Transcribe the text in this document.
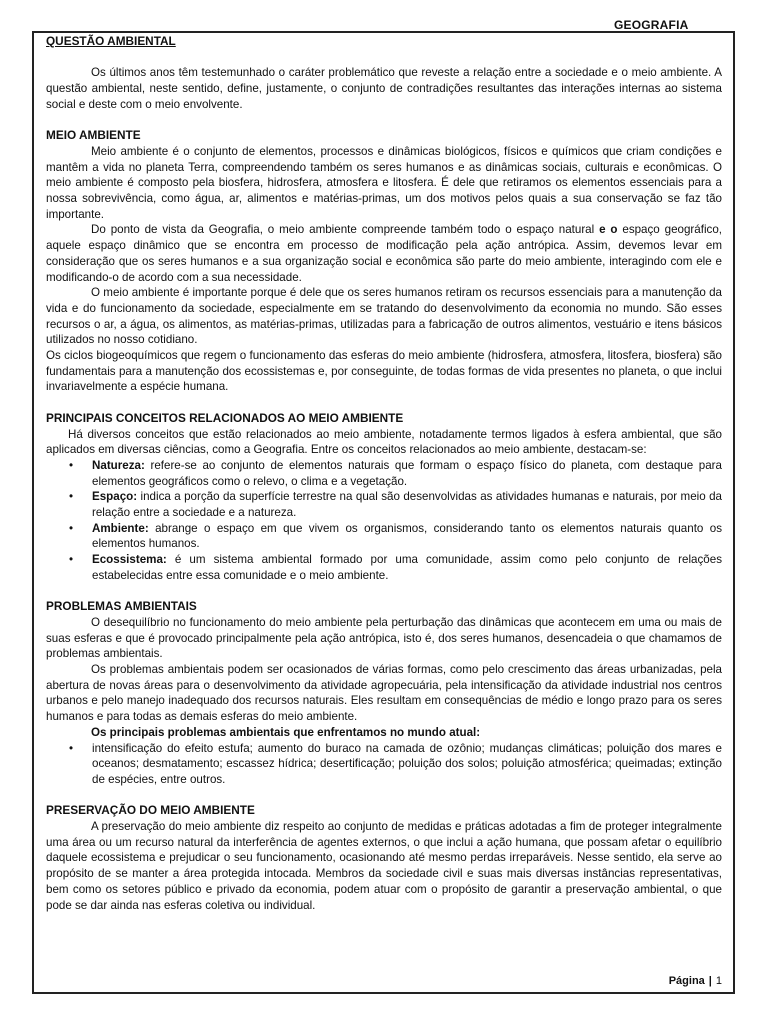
GEOGRAFIA

QUESTÃO AMBIENTAL

Os últimos anos têm testemunhado o caráter problemático que reveste a relação entre a sociedade e o meio ambiente. A questão ambiental, neste sentido, define, justamente, o conjunto de contradições resultantes das interações internas ao sistema social e deste com o meio envolvente.

MEIO AMBIENTE

Meio ambiente é o conjunto de elementos, processos e dinâmicas biológicos, físicos e químicos que criam condições e mantêm a vida no planeta Terra, compreendendo também os seres humanos e as dinâmicas sociais, culturais e econômicas. O meio ambiente é composto pela biosfera, hidrosfera, atmosfera e litosfera. É dele que retiramos os elementos essenciais para a nossa sobrevivência, como água, ar, alimentos e matérias-primas, um dos motivos pelos quais a sua conservação se faz tão importante.

Do ponto de vista da Geografia, o meio ambiente compreende também todo o espaço natural e o espaço geográfico, aquele espaço dinâmico que se encontra em processo de modificação pela ação antrópica. Assim, devemos levar em consideração que os seres humanos e a sua organização social e econômica são parte do meio ambiente, interagindo com ele e modificando-o de acordo com a sua necessidade.

O meio ambiente é importante porque é dele que os seres humanos retiram os recursos essenciais para a manutenção da vida e do funcionamento da sociedade, especialmente em se tratando do desenvolvimento da economia no mundo. São esses recursos o ar, a água, os alimentos, as matérias-primas, utilizadas para a fabricação de outros alimentos, vestuário e itens básicos utilizados no nosso cotidiano.

Os ciclos biogeoquímicos que regem o funcionamento das esferas do meio ambiente (hidrosfera, atmosfera, litosfera, biosfera) são fundamentais para a manutenção dos ecossistemas e, por conseguinte, de todas formas de vida presentes no planeta, o que inclui invariavelmente a espécie humana.

PRINCIPAIS CONCEITOS RELACIONADOS AO MEIO AMBIENTE

Há diversos conceitos que estão relacionados ao meio ambiente, notadamente termos ligados à esfera ambiental, que são aplicados em diversas ciências, como a Geografia. Entre os conceitos relacionados ao meio ambiente, destacam-se:

• Natureza: refere-se ao conjunto de elementos naturais que formam o espaço físico do planeta, com destaque para elementos geográficos como o relevo, o clima e a vegetação.
• Espaço: indica a porção da superfície terrestre na qual são desenvolvidas as atividades humanas e naturais, por meio da relação entre a sociedade e a natureza.
• Ambiente: abrange o espaço em que vivem os organismos, considerando tanto os elementos naturais quanto os elementos humanos.
• Ecossistema: é um sistema ambiental formado por uma comunidade, assim como pelo conjunto de relações estabelecidas entre essa comunidade e o meio ambiente.

PROBLEMAS AMBIENTAIS

O desequilíbrio no funcionamento do meio ambiente pela perturbação das dinâmicas que acontecem em uma ou mais de suas esferas e que é provocado principalmente pela ação antrópica, isto é, dos seres humanos, desencadeia o que chamamos de problemas ambientais.

Os problemas ambientais podem ser ocasionados de várias formas, como pelo crescimento das áreas urbanizadas, pela abertura de novas áreas para o desenvolvimento da atividade agropecuária, pela intensificação da atividade industrial nos centros urbanos e pelo manejo inadequado dos recursos naturais. Eles resultam em consequências de médio e longo prazo para os seres humanos e para todas as demais esferas do meio ambiente.

Os principais problemas ambientais que enfrentamos no mundo atual:

• intensificação do efeito estufa; aumento do buraco na camada de ozônio; mudanças climáticas; poluição dos mares e oceanos; desmatamento; escassez hídrica; desertificação; poluição dos solos; poluição atmosférica; queimadas; extinção de espécies, entre outros.

PRESERVAÇÃO DO MEIO AMBIENTE

A preservação do meio ambiente diz respeito ao conjunto de medidas e práticas adotadas a fim de proteger integralmente uma área ou um recurso natural da interferência de agentes externos, o que inclui a ação humana, que possam afetar o equilíbrio daquele ecossistema e prejudicar o seu funcionamento, ocasionando até mesmo perdas irreparáveis. Nesse sentido, ela serve ao propósito de se manter a área protegida intocada. Membros da sociedade civil e suas mais diversas instâncias representativas, bem como os setores público e privado da economia, podem atuar com o propósito de garantir a preservação ambiental, o que pode se dar ainda nas esferas coletiva ou individual.

Página | 1
